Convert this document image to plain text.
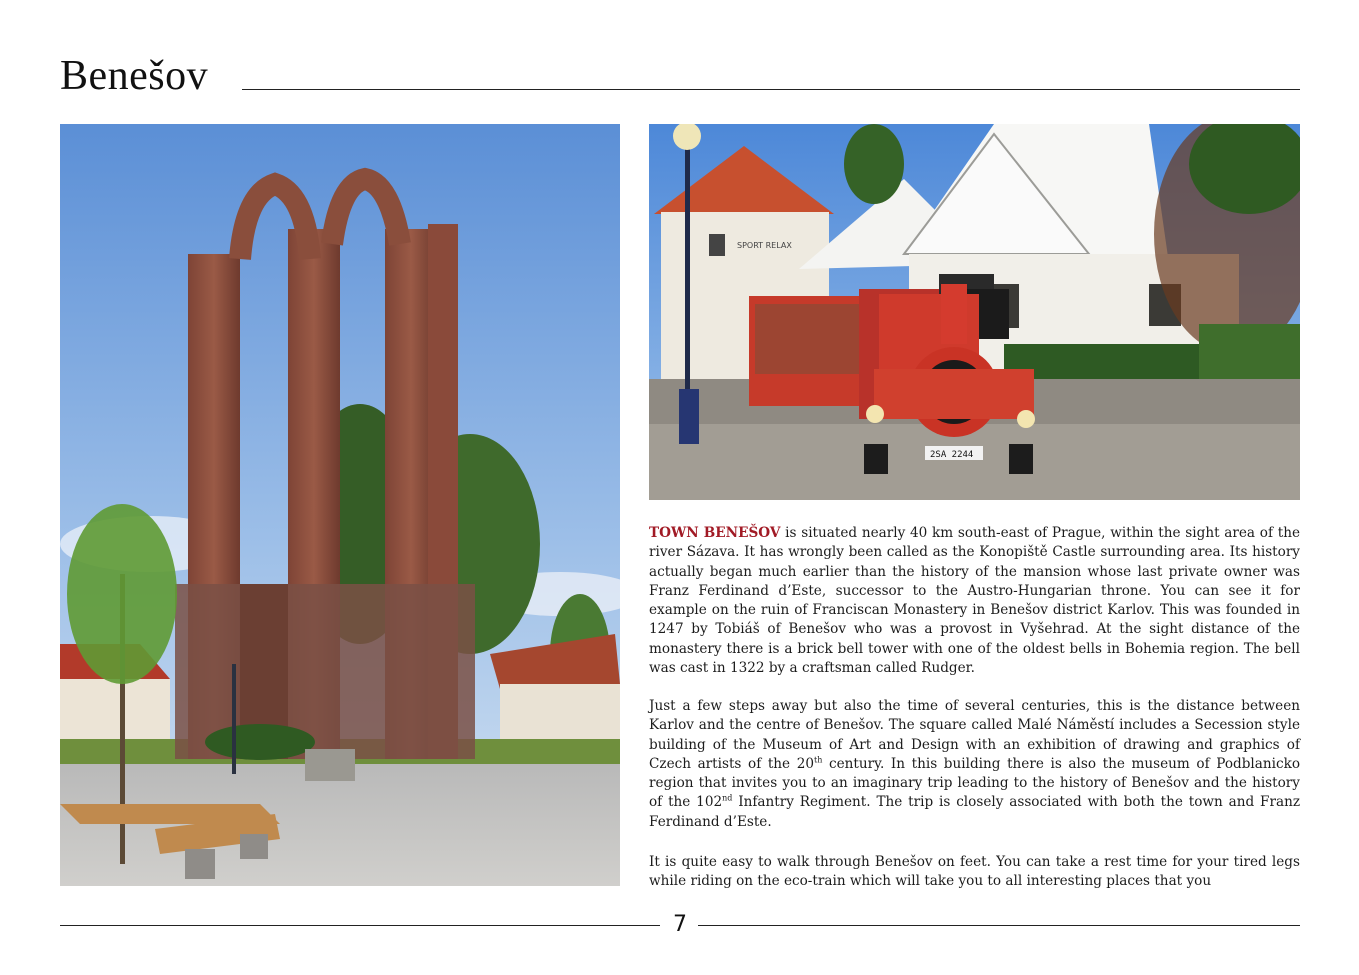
Benešov
SPORT RELAX
2SA 2244
TOWN BENEŠOV is situated nearly 40 km south-east of Prague, within the sight area of the river Sázava. It has wrongly been called as the Konopiště Castle surrounding area. Its history actually began much earlier than the history of the mansion whose last private owner was Franz Ferdinand d’Este, successor to the Austro-Hungarian throne. You can see it for example on the ruin of Franciscan Monastery in Benešov district Karlov. This was founded in 1247 by Tobiáš of Benešov who was a provost in Vyšehrad. At the sight distance of the monastery there is a brick bell tower with one of the oldest bells in Bohemia region. The bell was cast in 1322 by a craftsman called Rudger.
Just a few steps away but also the time of several centuries, this is the distance between Karlov and the centre of Benešov. The square called Malé Náměstí includes a Secession style building of the Museum of Art and Design with an exhibition of drawing and graphics of Czech artists of the 20th century. In this building there is also the museum of Podblanicko region that invites you to an imaginary trip leading to the history of Benešov and the history of the 102nd Infantry Regiment. The trip is closely associated with both the town and Franz Ferdinand d’Este.
It is quite easy to walk through Benešov on feet. You can take a rest time for your tired legs while riding on the eco-train which will take you to all interesting places that you
7
